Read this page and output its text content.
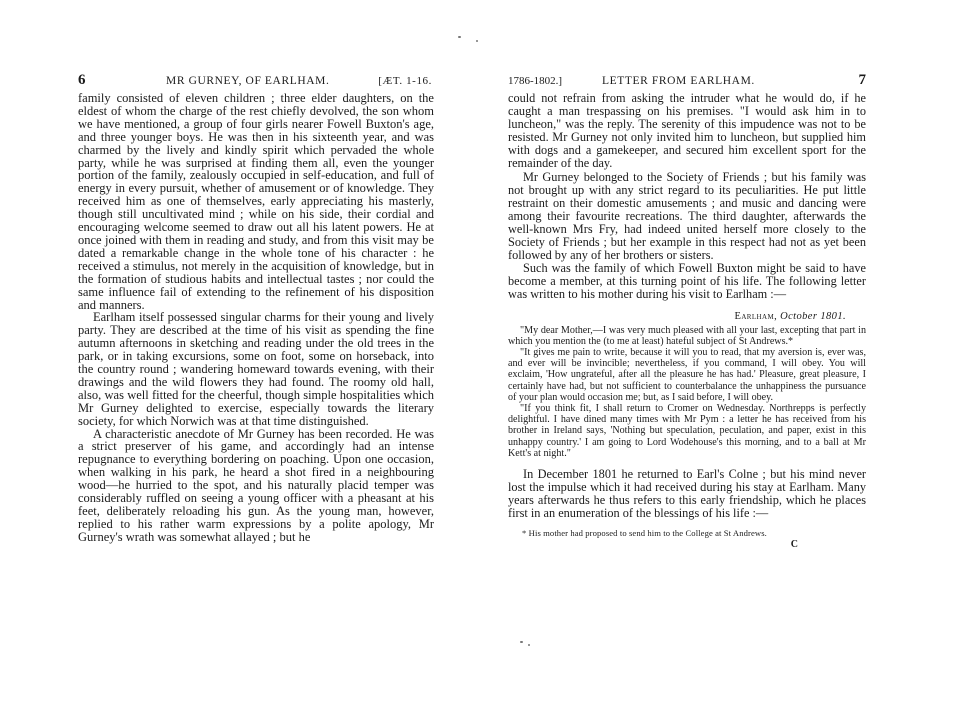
6	MR GURNEY, OF EARLHAM.	[ÆT. 1-16.

family consisted of eleven children ; three elder daughters, on the eldest of whom the charge of the rest chiefly devolved, the son whom we have mentioned, a group of four girls nearer Fowell Buxton's age, and three younger boys. He was then in his sixteenth year, and was charmed by the lively and kindly spirit which pervaded the whole party, while he was surprised at finding them all, even the younger portion of the family, zealously occupied in self-education, and full of energy in every pursuit, whether of amusement or of knowledge. They received him as one of themselves, early appreciating his masterly, though still uncultivated mind ; while on his side, their cordial and encouraging welcome seemed to draw out all his latent powers. He at once joined with them in reading and study, and from this visit may be dated a remarkable change in the whole tone of his character : he received a stimulus, not merely in the acquisition of knowledge, but in the formation of studious habits and intellectual tastes ; nor could the same influence fail of extending to the refinement of his disposition and manners.

Earlham itself possessed singular charms for their young and lively party. They are described at the time of his visit as spending the fine autumn afternoons in sketching and reading under the old trees in the park, or in taking excursions, some on foot, some on horseback, into the country round ; wandering homeward towards evening, with their drawings and the wild flowers they had found. The roomy old hall, also, was well fitted for the cheerful, though simple hospitalities which Mr Gurney delighted to exercise, especially towards the literary society, for which Norwich was at that time distinguished.

A characteristic anecdote of Mr Gurney has been recorded. He was a strict preserver of his game, and accordingly had an intense repugnance to everything bordering on poaching. Upon one occasion, when walking in his park, he heard a shot fired in a neighbouring wood—he hurried to the spot, and his naturally placid temper was considerably ruffled on seeing a young officer with a pheasant at his feet, deliberately reloading his gun. As the young man, however, replied to his rather warm expressions by a polite apology, Mr Gurney's wrath was somewhat allayed ; but he

1786-1802.]	LETTER FROM EARLHAM.	7

could not refrain from asking the intruder what he would do, if he caught a man trespassing on his premises. "I would ask him in to luncheon," was the reply. The serenity of this impudence was not to be resisted. Mr Gurney not only invited him to luncheon, but supplied him with dogs and a gamekeeper, and secured him excellent sport for the remainder of the day.

Mr Gurney belonged to the Society of Friends ; but his family was not brought up with any strict regard to its peculiarities. He put little restraint on their domestic amusements ; and music and dancing were among their favourite recreations. The third daughter, afterwards the well-known Mrs Fry, had indeed united herself more closely to the Society of Friends ; but her example in this respect had not as yet been followed by any of her brothers or sisters.

Such was the family of which Fowell Buxton might be said to have become a member, at this turning point of his life. The following letter was written to his mother during his visit to Earlham :—

Earlham, October 1801.

"My dear Mother,—I was very much pleased with all your last, excepting that part in which you mention the (to me at least) hateful subject of St Andrews.*

"It gives me pain to write, because it will you to read, that my aversion is, ever was, and ever will be invincible; nevertheless, if you command, I will obey. You will exclaim, 'How ungrateful, after all the pleasure he has had.' Pleasure, great pleasure, I certainly have had, but not sufficient to counterbalance the unhappiness the pursuance of your plan would occasion me; but, as I said before, I will obey.

"If you think fit, I shall return to Cromer on Wednesday. Northrepps is perfectly delightful. I have dined many times with Mr Pym : a letter he has received from his brother in Ireland says, 'Nothing but speculation, peculation, and paper, exist in this unhappy country.' I am going to Lord Wodehouse's this morning, and to a ball at Mr Kett's at night."

In December 1801 he returned to Earl's Colne ; but his mind never lost the impulse which it had received during his stay at Earlham. Many years afterwards he thus refers to this early friendship, which he places first in an enumeration of the blessings of his life :—

* His mother had proposed to send him to the College at St Andrews.
C
